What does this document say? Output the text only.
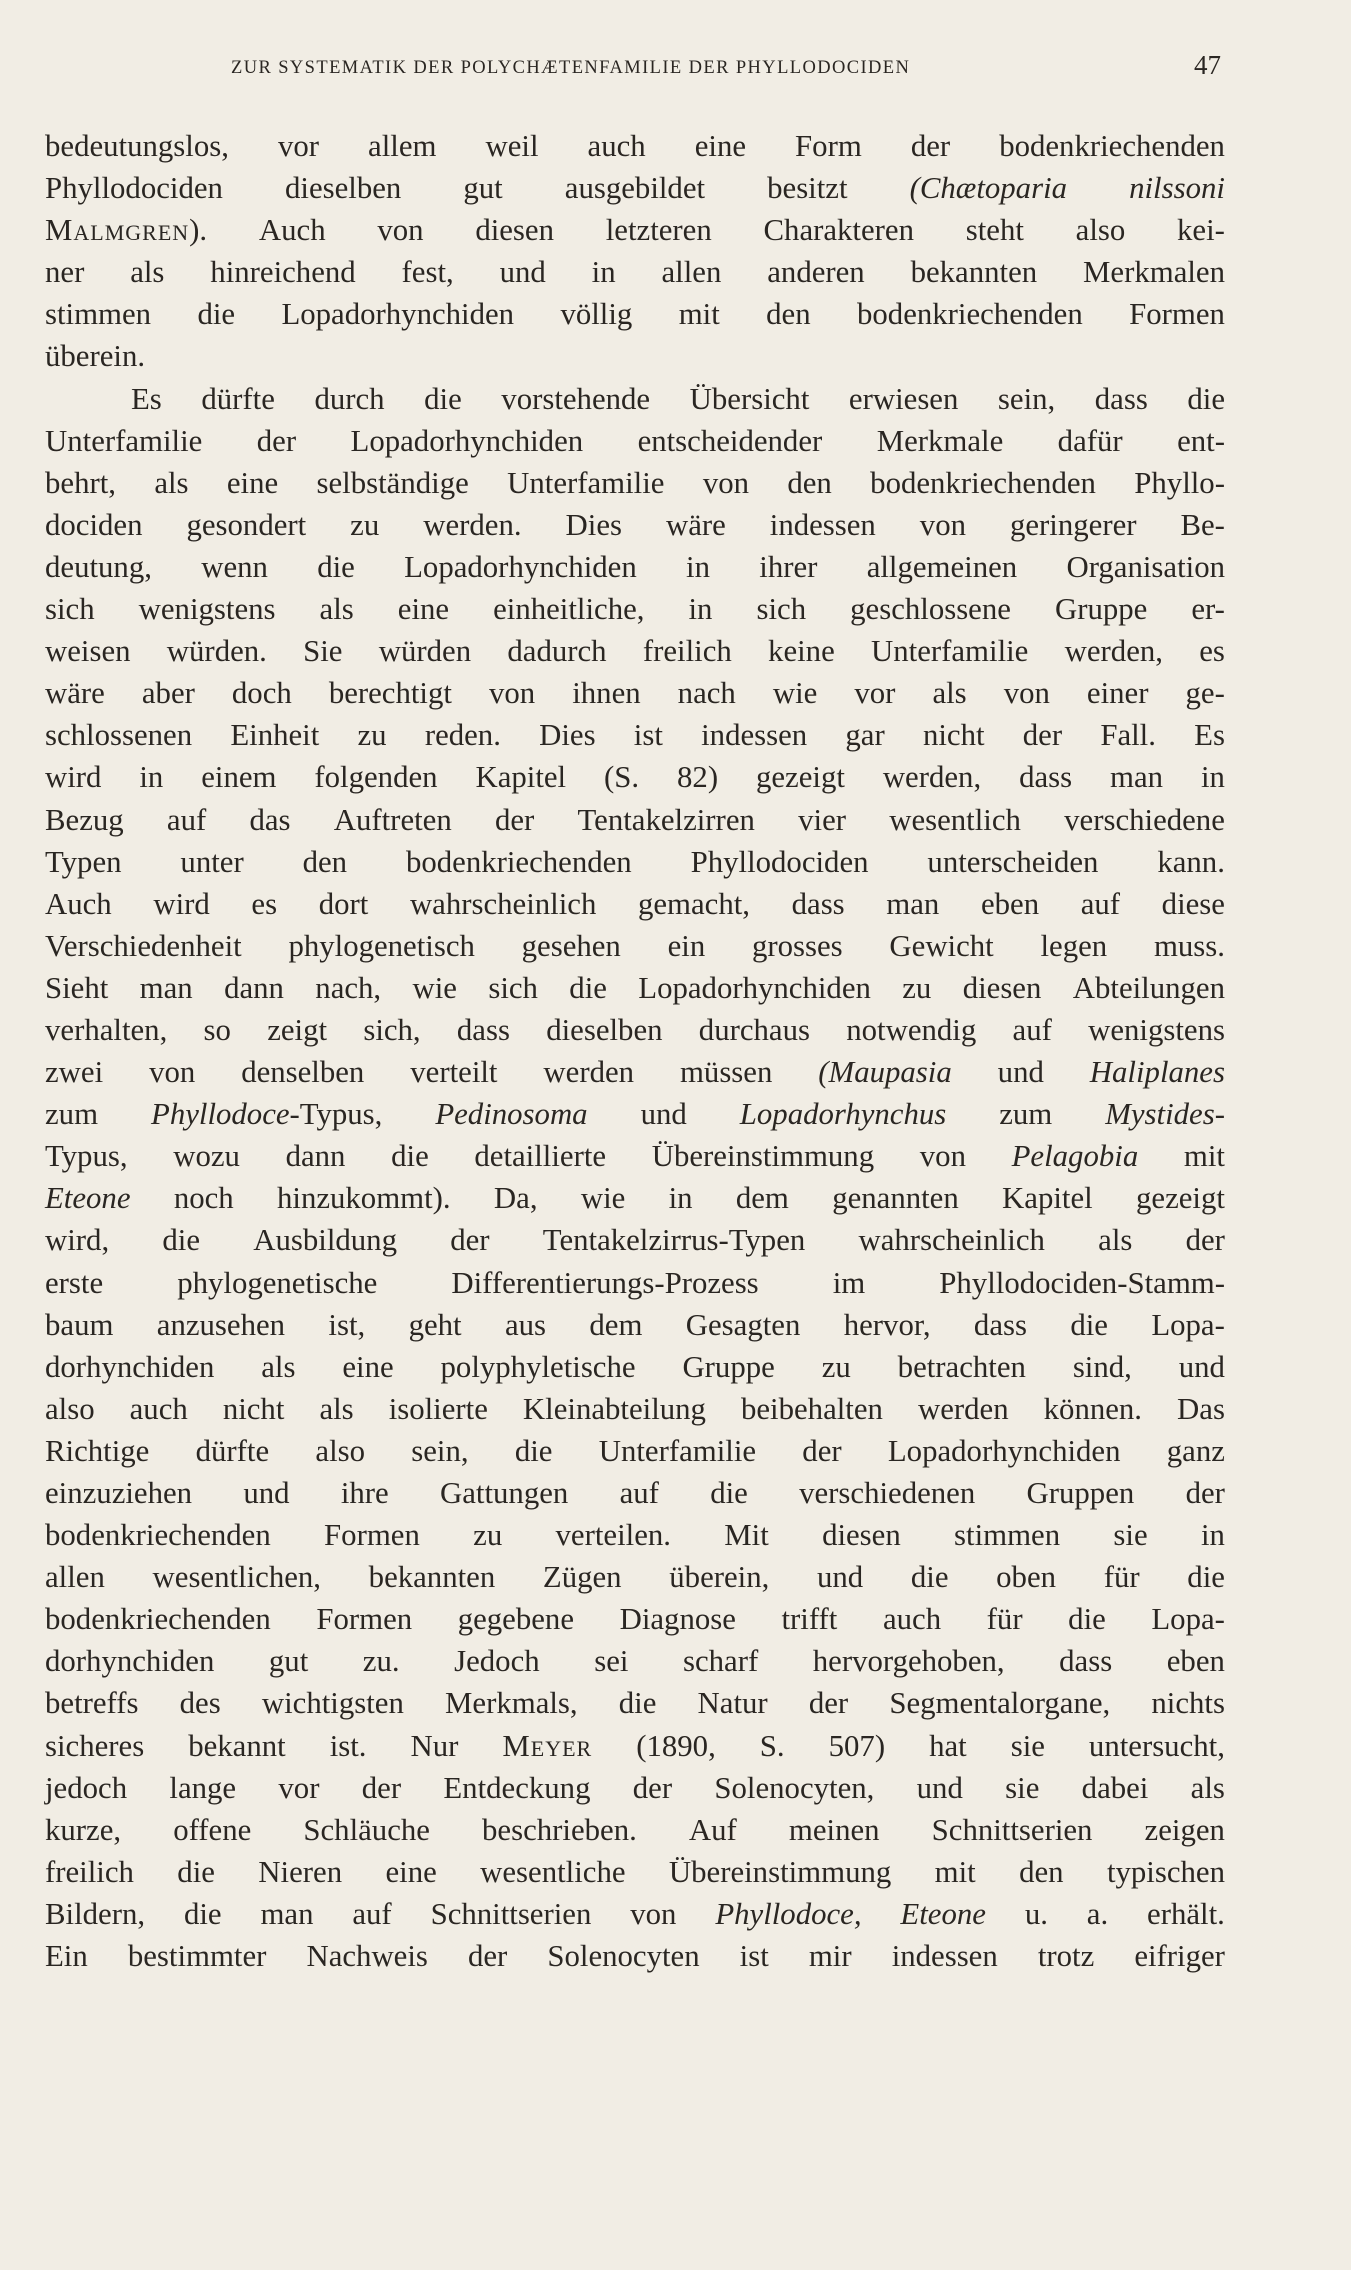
ZUR SYSTEMATIK DER POLYCHÆTENFAMILIE DER PHYLLODOCIDEN	47
bedeutungslos, vor allem weil auch eine Form der bodenkriechenden
Phyllodociden dieselben gut ausgebildet besitzt (Chætoparia nilssoni
Malmgren). Auch von diesen letzteren Charakteren steht also kei-
ner als hinreichend fest, und in allen anderen bekannten Merkmalen
stimmen die Lopadorhynchiden völlig mit den bodenkriechenden Formen
überein.
Es dürfte durch die vorstehende Übersicht erwiesen sein, dass die
Unterfamilie der Lopadorhynchiden entscheidender Merkmale dafür ent-
behrt, als eine selbständige Unterfamilie von den bodenkriechenden Phyllo-
dociden gesondert zu werden. Dies wäre indessen von geringerer Be-
deutung, wenn die Lopadorhynchiden in ihrer allgemeinen Organisation
sich wenigstens als eine einheitliche, in sich geschlossene Gruppe er-
weisen würden. Sie würden dadurch freilich keine Unterfamilie werden, es
wäre aber doch berechtigt von ihnen nach wie vor als von einer ge-
schlossenen Einheit zu reden. Dies ist indessen gar nicht der Fall. Es
wird in einem folgenden Kapitel (S. 82) gezeigt werden, dass man in
Bezug auf das Auftreten der Tentakelzirren vier wesentlich verschiedene
Typen unter den bodenkriechenden Phyllodociden unterscheiden kann.
Auch wird es dort wahrscheinlich gemacht, dass man eben auf diese
Verschiedenheit phylogenetisch gesehen ein grosses Gewicht legen muss.
Sieht man dann nach, wie sich die Lopadorhynchiden zu diesen Abteilungen
verhalten, so zeigt sich, dass dieselben durchaus notwendig auf wenigstens
zwei von denselben verteilt werden müssen (Maupasia und Haliplanes
zum Phyllodoce-Typus, Pedinosoma und Lopadorhynchus zum Mystides-
Typus, wozu dann die detaillierte Übereinstimmung von Pelagobia mit
Eteone noch hinzukommt). Da, wie in dem genannten Kapitel gezeigt
wird, die Ausbildung der Tentakelzirrus-Typen wahrscheinlich als der
erste phylogenetische Differentierungs-Prozess im Phyllodociden-Stamm-
baum anzusehen ist, geht aus dem Gesagten hervor, dass die Lopa-
dorhynchiden als eine polyphyletische Gruppe zu betrachten sind, und
also auch nicht als isolierte Kleinabteilung beibehalten werden können. Das
Richtige dürfte also sein, die Unterfamilie der Lopadorhynchiden ganz
einzuziehen und ihre Gattungen auf die verschiedenen Gruppen der
bodenkriechenden Formen zu verteilen. Mit diesen stimmen sie in
allen wesentlichen, bekannten Zügen überein, und die oben für die
bodenkriechenden Formen gegebene Diagnose trifft auch für die Lopa-
dorhynchiden gut zu. Jedoch sei scharf hervorgehoben, dass eben
betreffs des wichtigsten Merkmals, die Natur der Segmentalorgane, nichts
sicheres bekannt ist. Nur Meyer (1890, S. 507) hat sie untersucht,
jedoch lange vor der Entdeckung der Solenocyten, und sie dabei als
kurze, offene Schläuche beschrieben. Auf meinen Schnittserien zeigen
freilich die Nieren eine wesentliche Übereinstimmung mit den typischen
Bildern, die man auf Schnittserien von Phyllodoce, Eteone u. a. erhält.
Ein bestimmter Nachweis der Solenocyten ist mir indessen trotz eifriger
